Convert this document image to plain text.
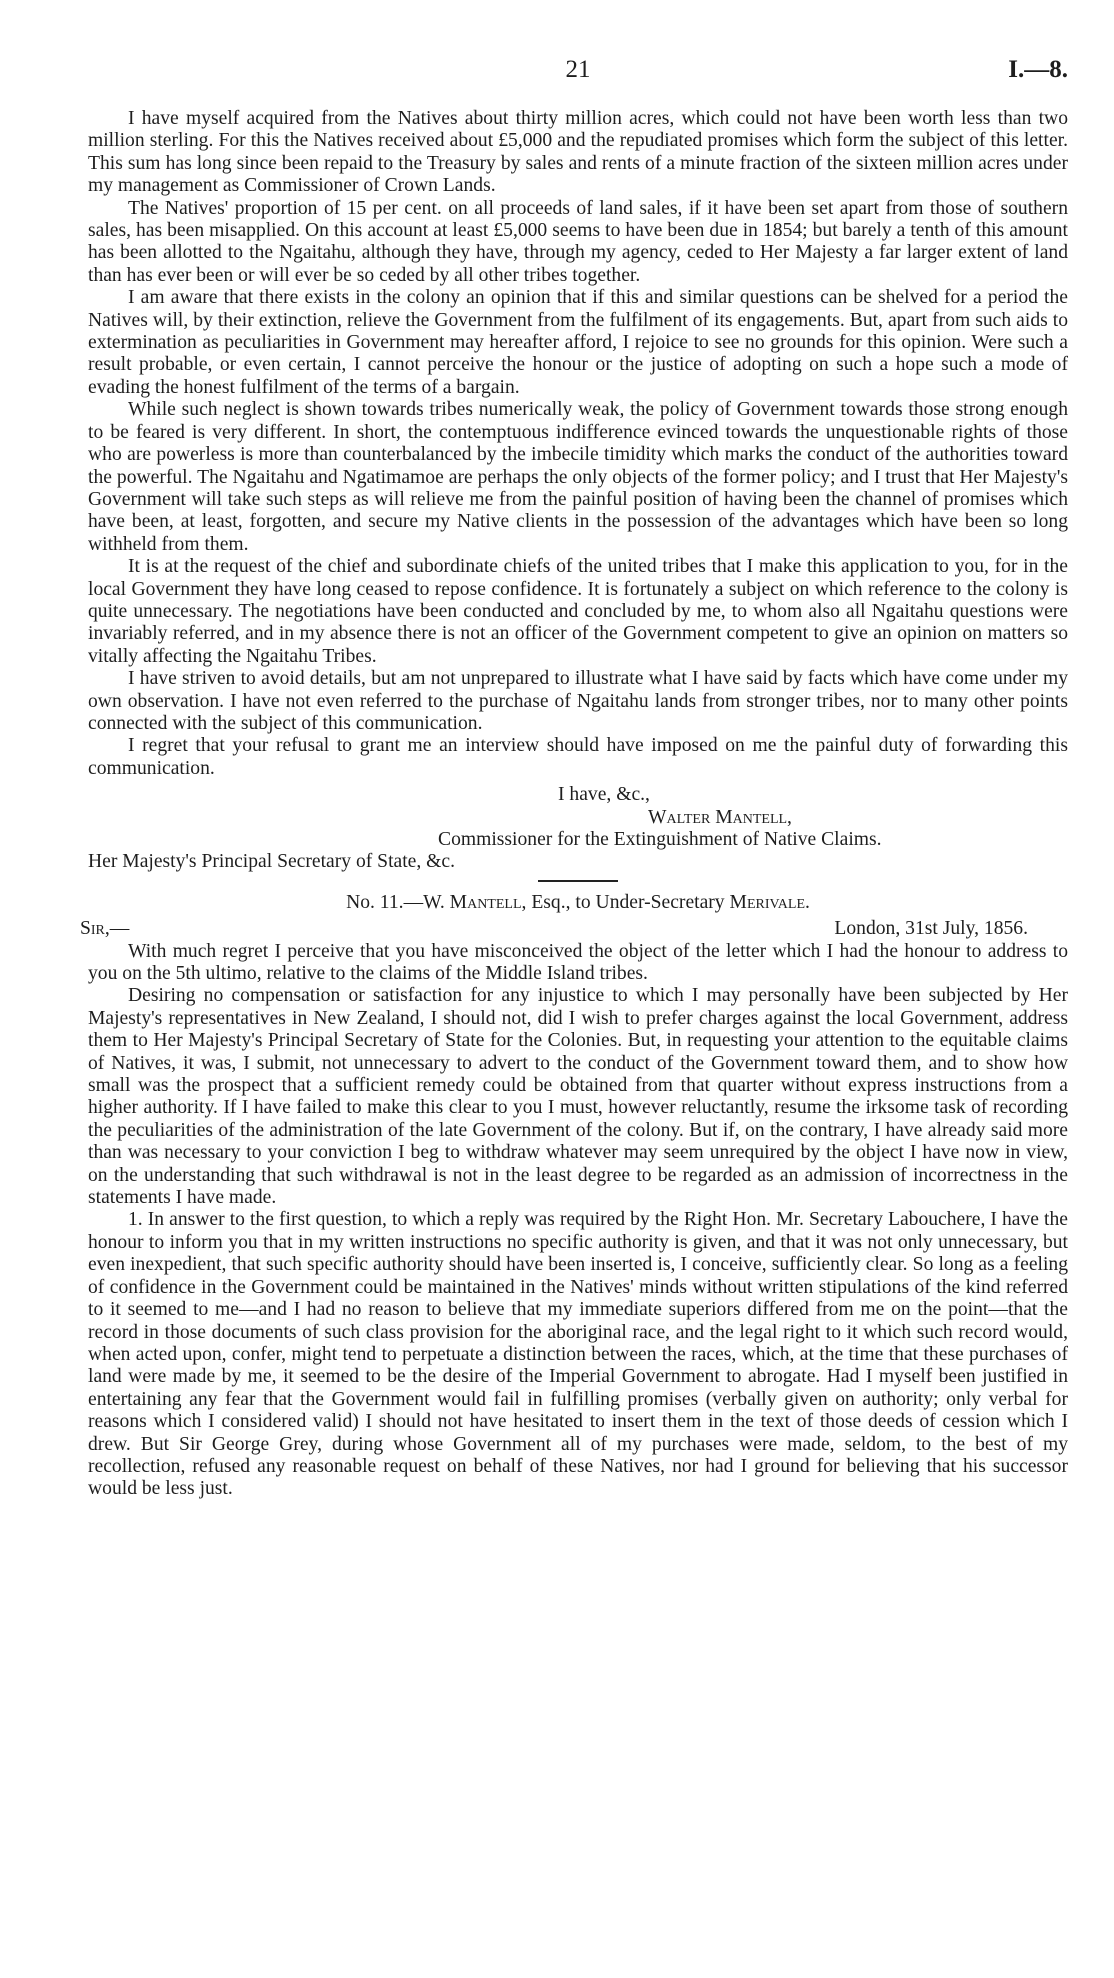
21	I.—8.

I have myself acquired from the Natives about thirty million acres, which could not have been worth less than two million sterling. For this the Natives received about £5,000 and the repudiated promises which form the subject of this letter. This sum has long since been repaid to the Treasury by sales and rents of a minute fraction of the sixteen million acres under my management as Commissioner of Crown Lands.

The Natives' proportion of 15 per cent. on all proceeds of land sales, if it have been set apart from those of southern sales, has been misapplied. On this account at least £5,000 seems to have been due in 1854; but barely a tenth of this amount has been allotted to the Ngaitahu, although they have, through my agency, ceded to Her Majesty a far larger extent of land than has ever been or will ever be so ceded by all other tribes together.

I am aware that there exists in the colony an opinion that if this and similar questions can be shelved for a period the Natives will, by their extinction, relieve the Government from the fulfilment of its engagements. But, apart from such aids to extermination as peculiarities in Government may hereafter afford, I rejoice to see no grounds for this opinion. Were such a result probable, or even certain, I cannot perceive the honour or the justice of adopting on such a hope such a mode of evading the honest fulfilment of the terms of a bargain.

While such neglect is shown towards tribes numerically weak, the policy of Government towards those strong enough to be feared is very different. In short, the contemptuous indifference evinced towards the unquestionable rights of those who are powerless is more than counterbalanced by the imbecile timidity which marks the conduct of the authorities toward the powerful. The Ngaitahu and Ngatimamoe are perhaps the only objects of the former policy; and I trust that Her Majesty's Government will take such steps as will relieve me from the painful position of having been the channel of promises which have been, at least, forgotten, and secure my Native clients in the possession of the advantages which have been so long withheld from them.

It is at the request of the chief and subordinate chiefs of the united tribes that I make this application to you, for in the local Government they have long ceased to repose confidence. It is fortunately a subject on which reference to the colony is quite unnecessary. The negotiations have been conducted and concluded by me, to whom also all Ngaitahu questions were invariably referred, and in my absence there is not an officer of the Government competent to give an opinion on matters so vitally affecting the Ngaitahu Tribes.

I have striven to avoid details, but am not unprepared to illustrate what I have said by facts which have come under my own observation. I have not even referred to the purchase of Ngaitahu lands from stronger tribes, nor to many other points connected with the subject of this communication.

I regret that your refusal to grant me an interview should have imposed on me the painful duty of forwarding this communication.

I have, &c.,

Walter Mantell,

Commissioner for the Extinguishment of Native Claims.

Her Majesty's Principal Secretary of State, &c.

No. 11.—W. Mantell, Esq., to Under-Secretary Merivale.

Sir,—	London, 31st July, 1856.

With much regret I perceive that you have misconceived the object of the letter which I had the honour to address to you on the 5th ultimo, relative to the claims of the Middle Island tribes.

Desiring no compensation or satisfaction for any injustice to which I may personally have been subjected by Her Majesty's representatives in New Zealand, I should not, did I wish to prefer charges against the local Government, address them to Her Majesty's Principal Secretary of State for the Colonies. But, in requesting your attention to the equitable claims of Natives, it was, I submit, not unnecessary to advert to the conduct of the Government toward them, and to show how small was the prospect that a sufficient remedy could be obtained from that quarter without express instructions from a higher authority. If I have failed to make this clear to you I must, however reluctantly, resume the irksome task of recording the peculiarities of the administration of the late Government of the colony. But if, on the contrary, I have already said more than was necessary to your conviction I beg to withdraw whatever may seem unrequired by the object I have now in view, on the understanding that such withdrawal is not in the least degree to be regarded as an admission of incorrectness in the statements I have made.

1. In answer to the first question, to which a reply was required by the Right Hon. Mr. Secretary Labouchere, I have the honour to inform you that in my written instructions no specific authority is given, and that it was not only unnecessary, but even inexpedient, that such specific authority should have been inserted is, I conceive, sufficiently clear. So long as a feeling of confidence in the Government could be maintained in the Natives' minds without written stipulations of the kind referred to it seemed to me—and I had no reason to believe that my immediate superiors differed from me on the point—that the record in those documents of such class provision for the aboriginal race, and the legal right to it which such record would, when acted upon, confer, might tend to perpetuate a distinction between the races, which, at the time that these purchases of land were made by me, it seemed to be the desire of the Imperial Government to abrogate. Had I myself been justified in entertaining any fear that the Government would fail in fulfilling promises (verbally given on authority; only verbal for reasons which I considered valid) I should not have hesitated to insert them in the text of those deeds of cession which I drew. But Sir George Grey, during whose Government all of my purchases were made, seldom, to the best of my recollection, refused any reasonable request on behalf of these Natives, nor had I ground for believing that his successor would be less just.
